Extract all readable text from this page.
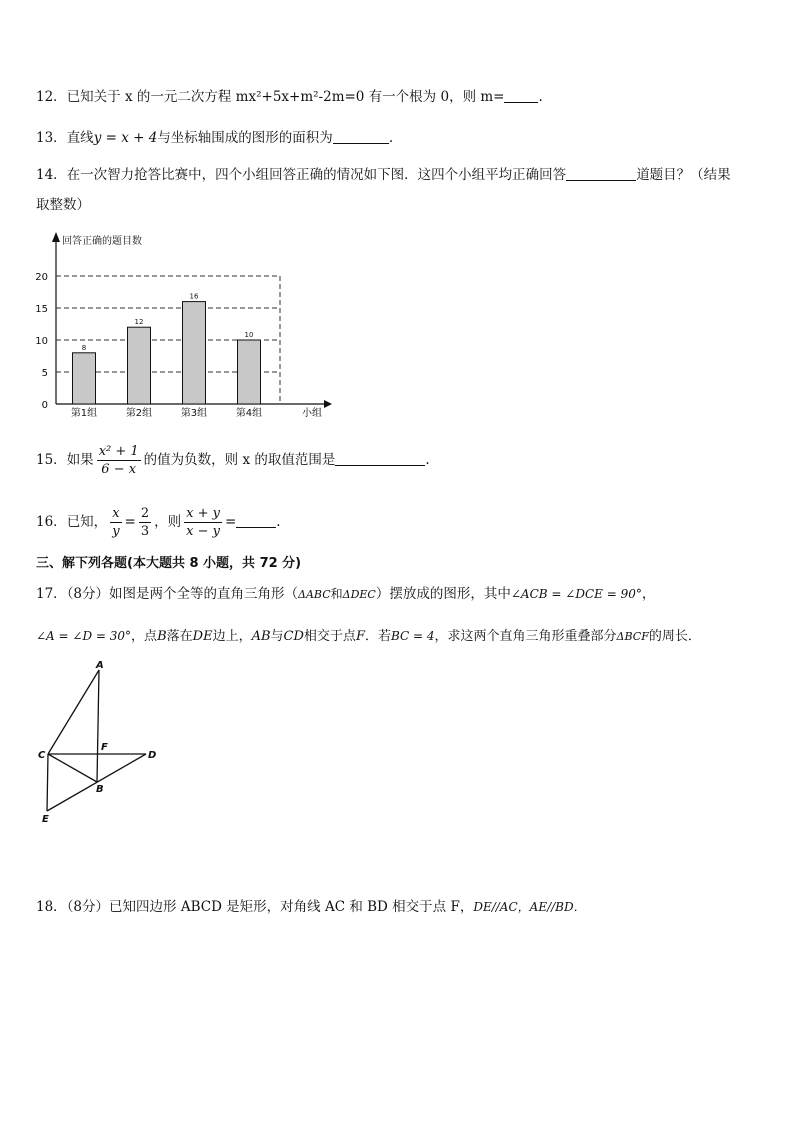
12．已知关于 x 的一元二次方程 mx²+5x+m²-2m=0 有一个根为 0，则 m=	.
13．直线y = x + 4与坐标轴围成的图形的面积为	.
14．在一次智力抢答比赛中，四个小组回答正确的情况如下图．这四个小组平均正确回答	道题目？（结果
取整数）
回答正确的题目数
小组
0
5
10
15
20
8
第1组
12
第2组
16
第3组
10
第4组
15．如果 $\frac{\text{x² + 1}}{6 - x}$ 的值为负数，则 x 的取值范围是	.
16．已知， $\frac{x}{y} = \frac{2}{3}$ ，则 $\frac{x + y}{x - y}$ =	.
三、解下列各题(本大题共 8 小题，共 72 分)
17．（8分）如图是两个全等的直角三角形（ΔABC和ΔDEC）摆放成的图形，其中∠ACB = ∠DCE = 90°，
∠A = ∠D = 30°，点B落在DE边上，AB与CD相交于点F．若BC = 4，求这两个直角三角形重叠部分ΔBCF的周长．
A
C
F
D
B
E
18．（8分）已知四边形 ABCD 是矩形，对角线 AC 和 BD 相交于点 F，DE//AC，AE//BD．
